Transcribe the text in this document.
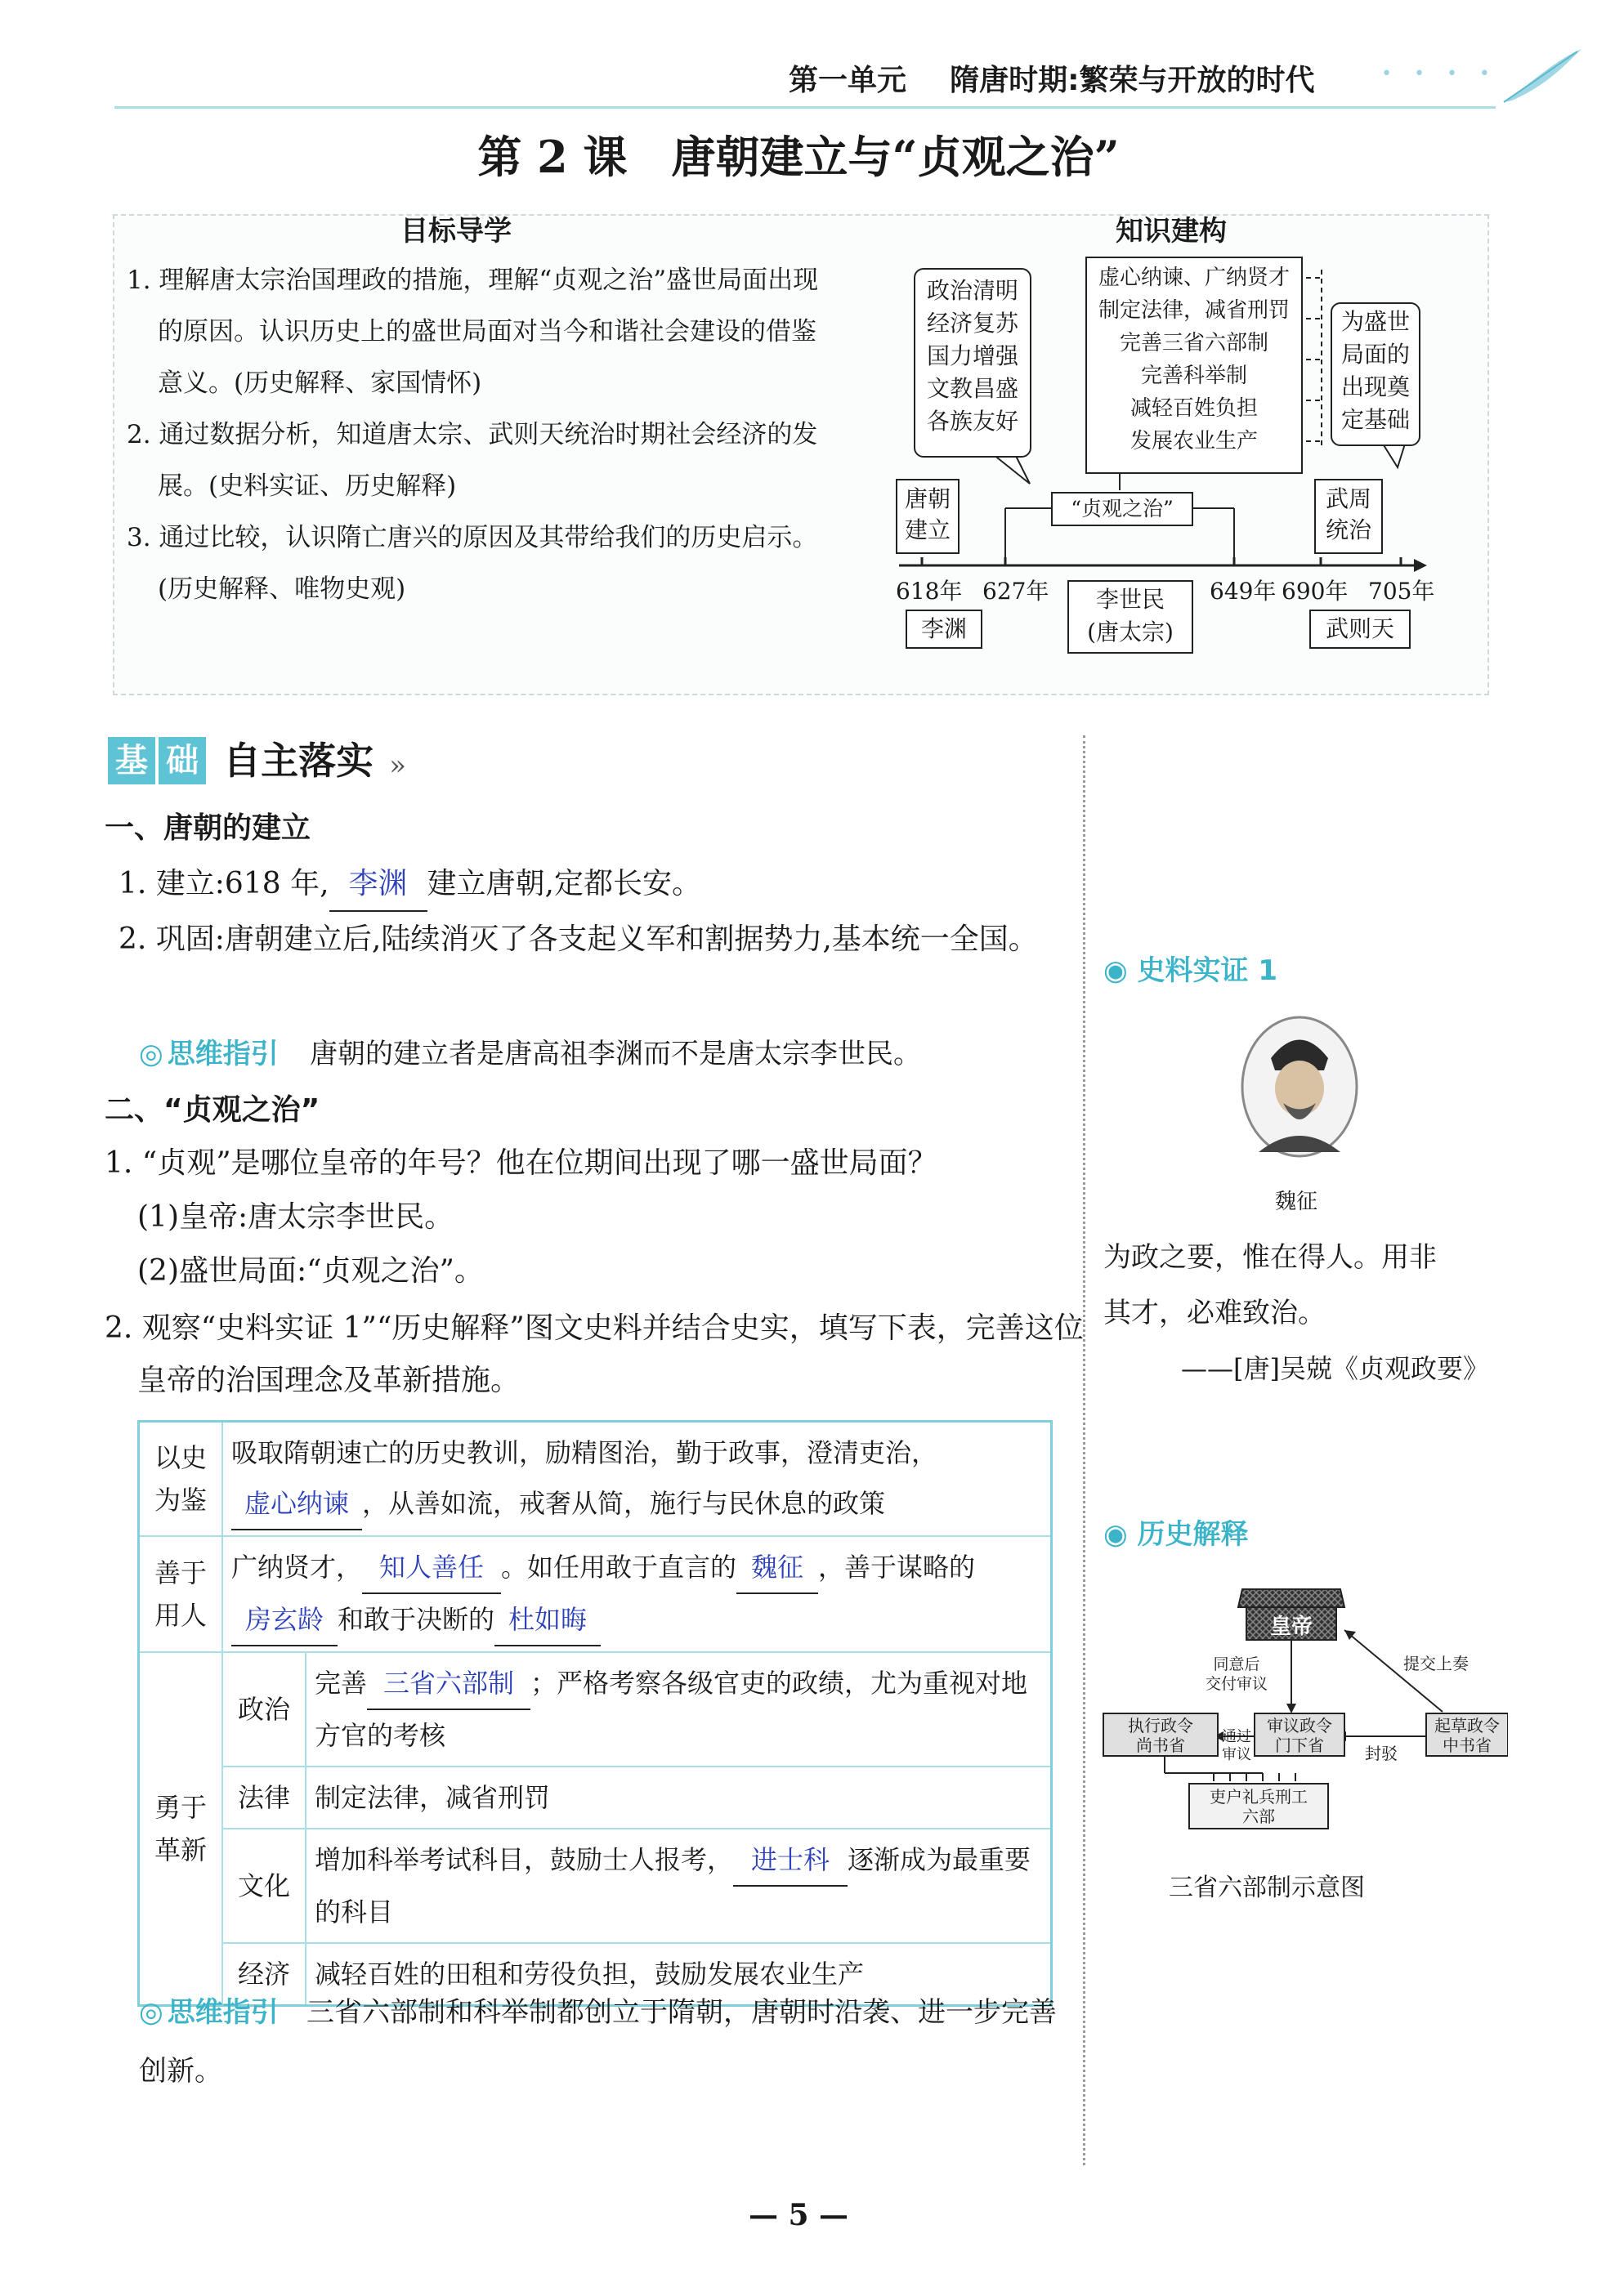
第一单元 隋唐时期:繁荣与开放的时代	• • • •
第 2 课　唐朝建立与“贞观之治”
目标导学
1. 理解唐太宗治国理政的措施，理解“贞观之治”盛世局面出现的原因。认识历史上的盛世局面对当今和谐社会建设的借鉴意义。(历史解释、家国情怀)
2. 通过数据分析，知道唐太宗、武则天统治时期社会经济的发展。(史料实证、历史解释)
3. 通过比较，认识隋亡唐兴的原因及其带给我们的历史启示。(历史解释、唯物史观)
知识建构
政治清明
经济复苏
国力增强
文教昌盛
各族友好
虚心纳谏、广纳贤才
制定法律，减省刑罚
完善三省六部制
完善科举制
减轻百姓负担
发展农业生产
为盛世
局面的
出现奠
定基础
唐朝
建立
“贞观之治”	武周
统治
618年 627年	649年 690年 705年
李渊
李世民
(唐太宗)	武则天
基 础 自主落实 »
一、唐朝的建立
1. 建立:618 年, 李渊 建立唐朝,定都长安。
2. 巩固:唐朝建立后,陆续消灭了各支起义军和割据势力,基本统一全国。
◎ 思维指引 唐朝的建立者是唐高祖李渊而不是唐太宗李世民。
二、“贞观之治”
1. “贞观”是哪位皇帝的年号？他在位期间出现了哪一盛世局面？
(1)皇帝:唐太宗李世民。
(2)盛世局面:“贞观之治”。
2. 观察“史料实证 1”“历史解释”图文史料并结合史实，填写下表，完善这位皇帝的治国理念及革新措施。
以史为鉴	吸取隋朝速亡的历史教训，励精图治，勤于政事，澄清吏治，虚心纳谏 ，从善如流，戒奢从简，施行与民休息的政策	
善于用人	广纳贤才， 知人善任 。如任用敢于直言的 魏征 ，善于谋略的房玄龄 和敢于决断的 杜如晦	
勇于革新	政治	完善 三省六部制 ；严格考察各级官吏的政绩，尤为重视对地方官的考核
	法律	制定法律，减省刑罚
	文化	增加科举考试科目，鼓励士人报考， 进士科 逐渐成为最重要的科目
	经济	减轻百姓的田租和劳役负担，鼓励发展农业生产
◎ 思维指引 三省六部制和科举制都创立于隋朝，唐朝时沿袭、进一步完善创新。
◉ 史料实证 1
魏征
为政之要，惟在得人。用非
其才，必难致治。
——[唐]吴兢《贞观政要》
◉ 历史解释
皇帝
提交上奏
同意后
交付审议
通过
审议	封驳
执行政令
尚书省
审议政令
门下省
起草政令
中书省
吏户礼兵刑工
六部
三省六部制示意图
— 5 —
